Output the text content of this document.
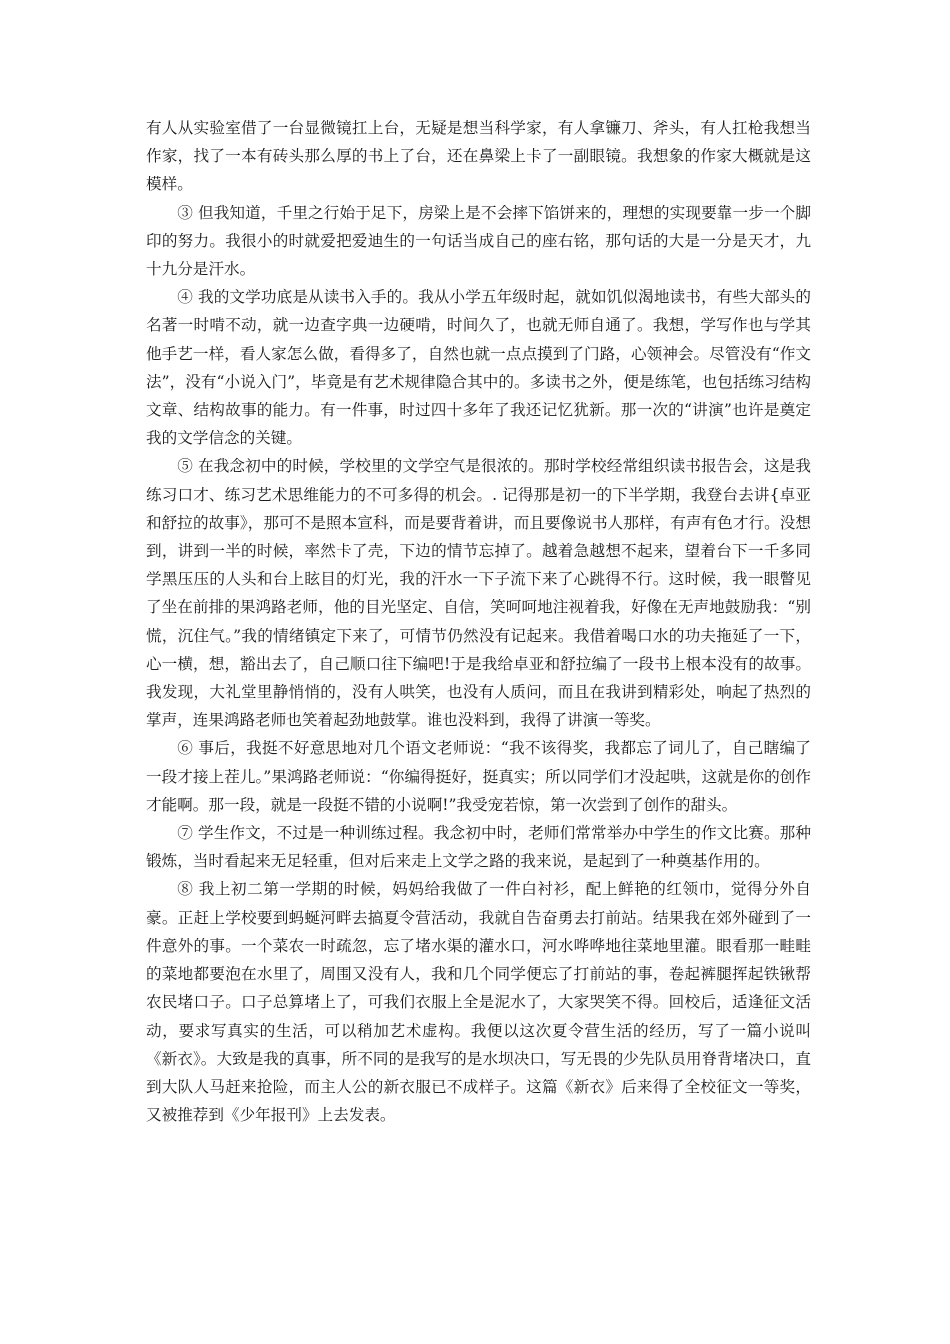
有人从实验室借了一台显微镜扛上台，无疑是想当科学家，有人拿镰刀、斧头，有人扛枪我想当作家，找了一本有砖头那么厚的书上了台，还在鼻梁上卡了一副眼镜。我想象的作家大概就是这模样。

③ 但我知道，千里之行始于足下，房梁上是不会摔下馅饼来的，理想的实现要靠一步一个脚印的努力。我很小的时就爱把爱迪生的一句话当成自己的座右铭，那句话的大是一分是天才，九十九分是汗水。

④ 我的文学功底是从读书入手的。我从小学五年级时起，就如饥似渴地读书，有些大部头的名著一时啃不动，就一边查字典一边硬啃，时间久了，也就无师自通了。我想，学写作也与学其他手艺一样，看人家怎么做，看得多了，自然也就一点点摸到了门路，心领神会。尽管没有“作文法”，没有“小说入门”，毕竟是有艺术规律隐合其中的。多读书之外，便是练笔，也包括练习结构文章、结构故事的能力。有一件事，时过四十多年了我还记忆犹新。那一次的“讲演”也许是奠定我的文学信念的关键。

⑤ 在我念初中的时候，学校里的文学空气是很浓的。那时学校经常组织读书报告会，这是我练习口才、练习艺术思维能力的不可多得的机会。. 记得那是初一的下半学期，我登台去讲{卓亚和舒拉的故事》，那可不是照本宣科，而是要背着讲，而且要像说书人那样，有声有色才行。没想到，讲到一半的时候，率然卡了壳，下边的情节忘掉了。越着急越想不起来，望着台下一千多同学黑压压的人头和台上眩目的灯光，我的汗水一下子流下来了心跳得不行。这时候，我一眼瞥见了坐在前排的果鸿路老师，他的目光坚定、自信，笑呵呵地注视着我，好像在无声地鼓励我：“别慌，沉住气。”我的情绪镇定下来了，可情节仍然没有记起来。我借着喝口水的功夫拖延了一下，心一横，想，豁出去了，自己顺口往下编吧!于是我给卓亚和舒拉编了一段书上根本没有的故事。我发现，大礼堂里静悄悄的，没有人哄笑，也没有人质问，而且在我讲到精彩处，响起了热烈的掌声，连果鸿路老师也笑着起劲地鼓掌。谁也没料到，我得了讲演一等奖。

⑥ 事后，我挺不好意思地对几个语文老师说：“我不该得奖，我都忘了词儿了，自己瞎编了一段才接上茬儿。”果鸿路老师说：“你编得挺好，挺真实；所以同学们才没起哄，这就是你的创作才能啊。那一段，就是一段挺不错的小说啊!”我受宠若惊，第一次尝到了创作的甜头。

⑦ 学生作文，不过是一种训练过程。我念初中时，老师们常常举办中学生的作文比赛。那种锻炼，当时看起来无足轻重，但对后来走上文学之路的我来说，是起到了一种奠基作用的。

⑧ 我上初二第一学期的时候，妈妈给我做了一件白衬衫，配上鲜艳的红领巾，觉得分外自豪。正赶上学校要到蚂蜒河畔去搞夏令营活动，我就自告奋勇去打前站。结果我在郊外碰到了一件意外的事。一个菜农一时疏忽，忘了堵水渠的灌水口，河水哗哗地往菜地里灌。眼看那一畦畦的菜地都要泡在水里了，周围又没有人，我和几个同学便忘了打前站的事，卷起裤腿挥起铁锹帮农民堵口子。口子总算堵上了，可我们衣服上全是泥水了，大家哭笑不得。回校后，适逢征文活动，要求写真实的生活，可以稍加艺术虚构。我便以这次夏令营生活的经历，写了一篇小说叫《新衣》。大致是我的真事，所不同的是我写的是水坝决口，写无畏的少先队员用脊背堵决口，直到大队人马赶来抢险，而主人公的新衣服已不成样子。这篇《新衣》后来得了全校征文一等奖，又被推荐到《少年报刊》上去发表。
